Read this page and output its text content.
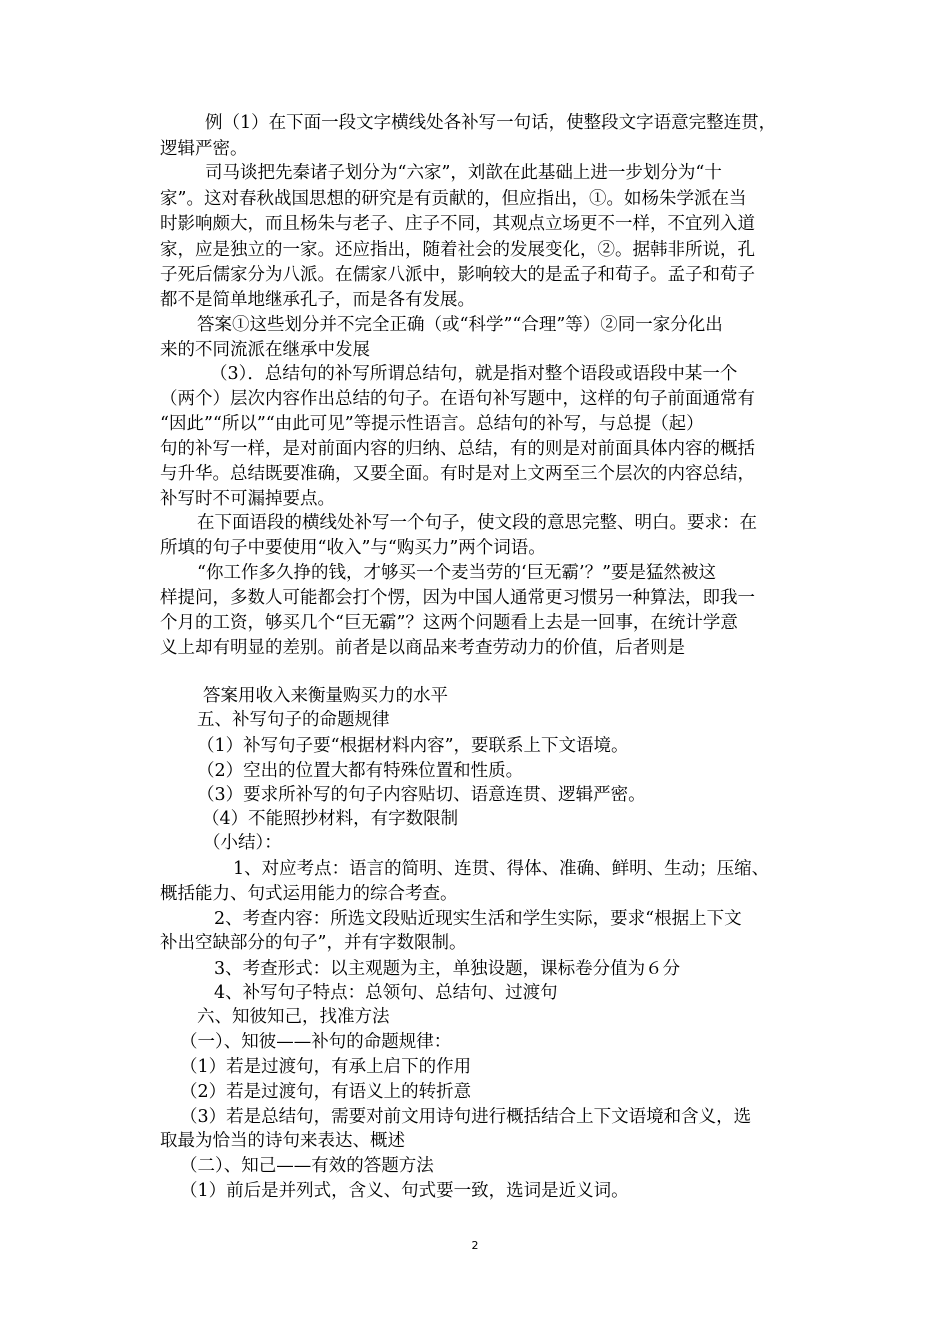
例（1）在下面一段文字横线处各补写一句话，使整段文字语意完整连贯，
逻辑严密。
司马谈把先秦诸子划分为“六家”，刘歆在此基础上进一步划分为“十
家”。这对春秋战国思想的研究是有贡献的，但应指出，①。如杨朱学派在当
时影响颇大，而且杨朱与老子、庄子不同，其观点立场更不一样，不宜列入道
家，应是独立的一家。还应指出，随着社会的发展变化，②。据韩非所说，孔
子死后儒家分为八派。在儒家八派中，影响较大的是孟子和荀子。孟子和荀子
都不是简单地继承孔子，而是各有发展。
答案①这些划分并不完全正确（或“科学”“合理”等）②同一家分化出
来的不同流派在继承中发展
（3）．总结句的补写所谓总结句，就是指对整个语段或语段中某一个
（两个）层次内容作出总结的句子。在语句补写题中，这样的句子前面通常有
“因此”“所以”“由此可见”等提示性语言。总结句的补写，与总提（起）
句的补写一样，是对前面内容的归纳、总结，有的则是对前面具体内容的概括
与升华。总结既要准确，又要全面。有时是对上文两至三个层次的内容总结，
补写时不可漏掉要点。
在下面语段的横线处补写一个句子，使文段的意思完整、明白。要求：在
所填的句子中要使用“收入”与“购买力”两个词语。
“你工作多久挣的钱，才够买一个麦当劳的‘巨无霸’？”要是猛然被这
样提问，多数人可能都会打个愣，因为中国人通常更习惯另一种算法，即我一
个月的工资，够买几个“巨无霸”？这两个问题看上去是一回事，在统计学意
义上却有明显的差别。前者是以商品来考查劳动力的价值，后者则是
答案用收入来衡量购买力的水平
五、补写句子的命题规律
（1）补写句子要“根据材料内容”，要联系上下文语境。
（2）空出的位置大都有特殊位置和性质。
（3）要求所补写的句子内容贴切、语意连贯、逻辑严密。
（4）不能照抄材料，有字数限制
（小结）：
1、对应考点：语言的简明、连贯、得体、准确、鲜明、生动；压缩、
概括能力、句式运用能力的综合考查。
2、考查内容：所选文段贴近现实生活和学生实际，要求“根据上下文
补出空缺部分的句子”，并有字数限制。
3、考查形式：以主观题为主，单独设题，课标卷分值为６分
4、补写句子特点：总领句、总结句、过渡句
六、知彼知己，找准方法
（一）、知彼——补句的命题规律：
（1）若是过渡句，有承上启下的作用
（2）若是过渡句，有语义上的转折意
（3）若是总结句，需要对前文用诗句进行概括结合上下文语境和含义，选
取最为恰当的诗句来表达、概述
（二）、知己——有效的答题方法
（1）前后是并列式，含义、句式要一致，选词是近义词。
2
